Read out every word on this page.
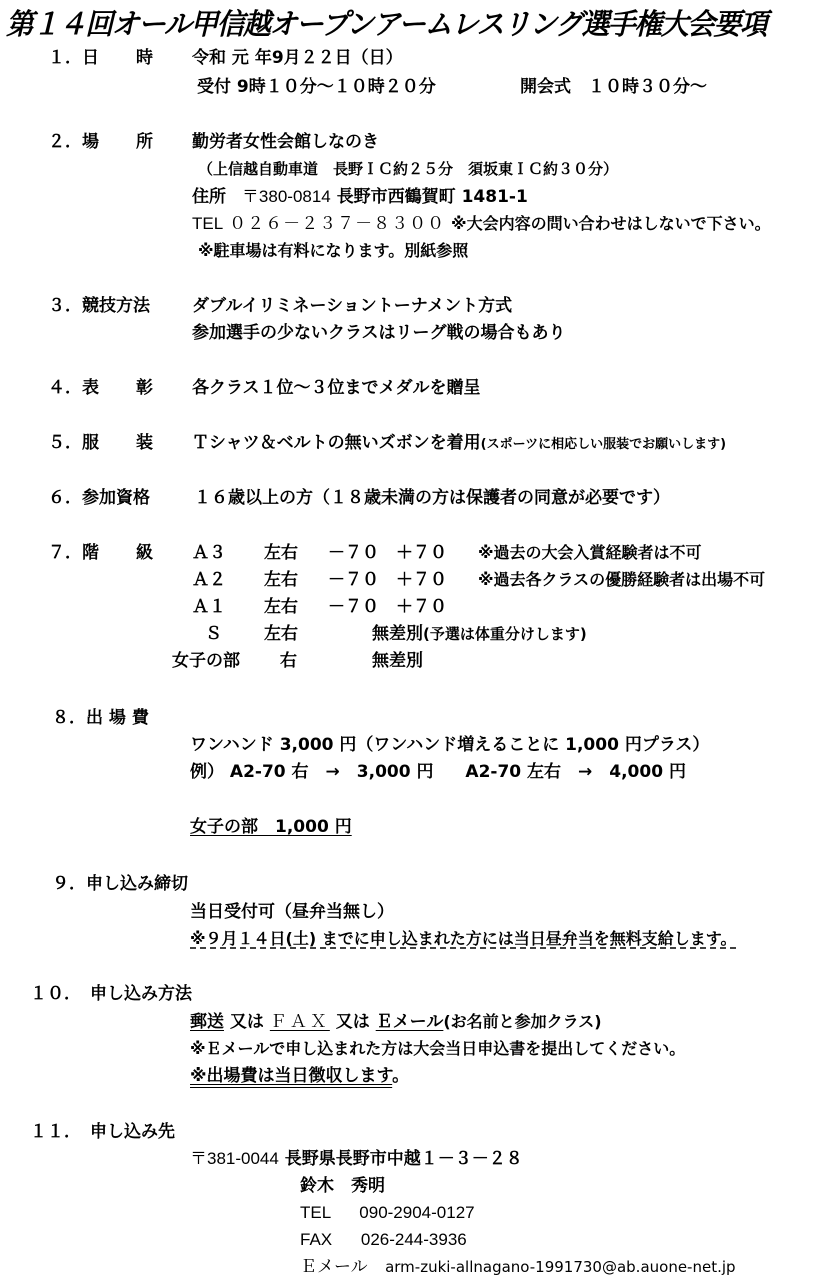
第１４回オール甲信越オープンアームレスリング選手権大会要項
１． 日 時 令和 元 年9月２２日（日）
受付 9時１０分～１０時２０分	開会式　１０時３０分～
２． 場 所 勤労者女性会館しなのき
（上信越自動車道　長野ＩＣ約２５分　須坂東ＩＣ約３０分）
住所 〒380-0814 長野市西鶴賀町 1481-1
TEL ０２６－２３７－８３００ ※大会内容の問い合わせはしないで下さい。
※駐車場は有料になります。別紙参照
３． 競技方法 ダブルイリミネーショントーナメント方式
参加選手の少ないクラスはリーグ戦の場合もあり
４． 表 彰 各クラス１位～３位までメダルを贈呈
５． 服 装 Ｔシャツ＆ベルトの無いズボンを着用(スポーツに相応しい服装でお願いします)
６． 参加資格	１６歳以上の方（１８歳未満の方は保護者の同意が必要です）
７． 階 級 Ａ３ 左右 －７０　＋７０ ※過去の大会入賞経験者は不可
Ａ２ 左右 －７０　＋７０ ※過去各クラスの優勝経験者は出場不可
Ａ１ 左右 －７０　＋７０
Ｓ 左右	無差別(予選は体重分けします)
女子の部 右	無差別
８． 出 場 費
ワンハンド 3,000 円（ワンハンド増えることに 1,000 円プラス）
例） A2-70 右　→　3,000 円 A2-70 左右　→　4,000 円
女子の部　1,000 円
９． 申し込み締切
当日受付可（昼弁当無し）
※９月１４日(土) までに申し込まれた方には当日昼弁当を無料支給します。
１０． 申し込み方法
郵送 又は ＦＡＸ 又は Ｅメール(お名前と参加クラス)
※Ｅメールで申し込まれた方は大会当日申込書を提出してください。
※出場費は当日徴収します。
１１． 申し込み先
〒381-0044 長野県長野市中越１－３－２８
鈴木　秀明
TEL 090-2904-0127
FAX 026-244-3936
Ｅメール arm-zuki-allnagano-1991730@ab.auone-net.jp
